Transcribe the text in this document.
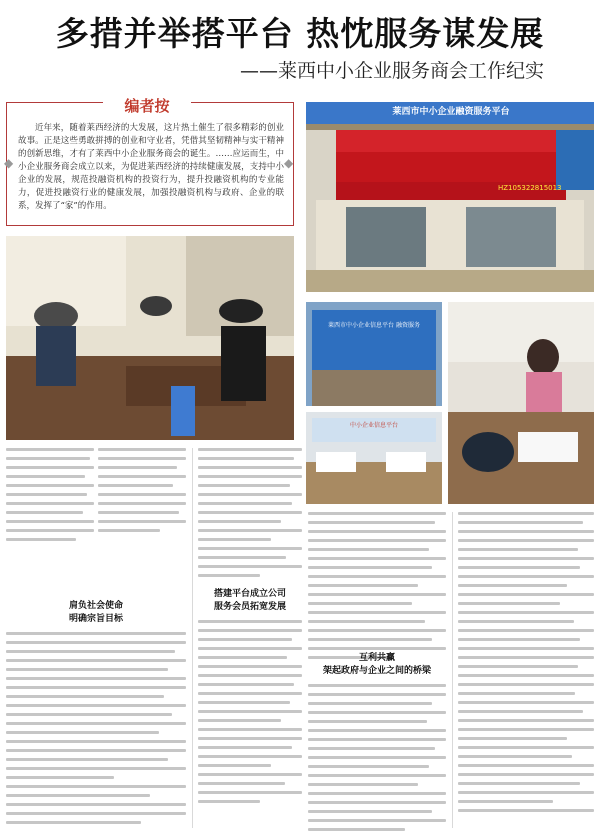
多措并举搭平台 热忱服务谋发展
——莱西中小企业服务商会工作纪实
编者按
近年来，随着莱西经济的大发展，这片热土催生了很多精彩的创业故事。正是这些勇敢拼搏的创业和守业者，凭借其坚韧精神与实干精神的创新思维，才有了莱西中小企业服务商会的诞生。……应运而生，中小企业服务商会成立以来，为促进莱西经济的持续健康发展，支持中小企业的发展，规范投融资机构的投资行为，提升投融资机构的专业能力，促进投融资行业的健康发展，加强投融资机构与政府、企业的联系，发挥了“家”的作用。
◆	◆
莱西市中小企业融资服务平台
HZ105322815013
莱西市中小企业信息平台 融资服务
中小企业信息平台
肩负社会使命
明确宗旨目标
搭建平台成立公司
服务会员拓宽发展
互利共赢
架起政府与企业之间的桥梁
